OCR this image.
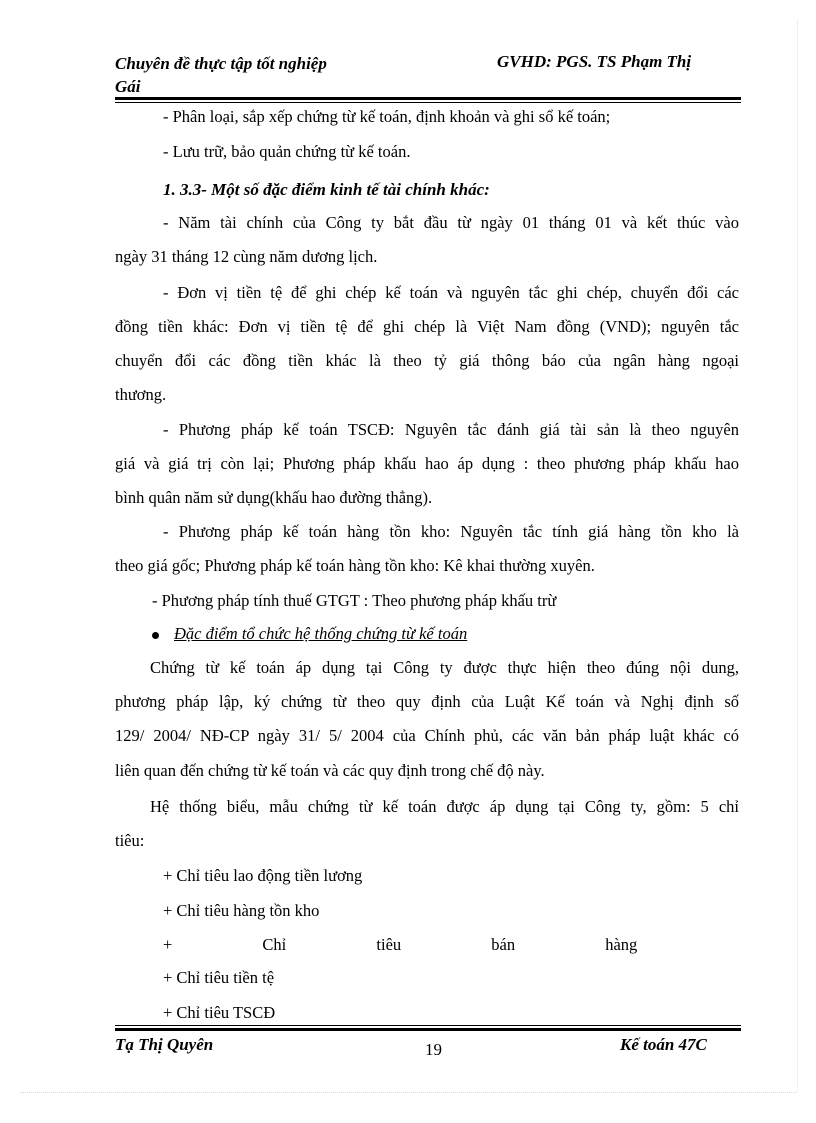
Chuyên đề thực tập tốt nghiệp
Gái
GVHD: PGS. TS Phạm Thị
- Phân loại, sắp xếp chứng từ kế toán, định khoản và ghi sổ kế toán;
- Lưu trữ, bảo quản chứng từ kế toán.
1. 3.3- Một số đặc điểm kinh tế tài chính khác:
- Năm tài chính của Công ty bắt đầu từ ngày 01 tháng 01 và kết thúc vào
ngày 31 tháng 12 cùng năm dương lịch.
- Đơn vị tiền tệ để ghi chép kế toán và nguyên tắc ghi chép, chuyển đổi các
đồng tiền khác: Đơn vị tiền tệ để ghi chép là Việt Nam đồng (VND); nguyên tắc
chuyển đổi các đồng tiền khác là theo tỷ giá thông báo của ngân hàng ngoại
thương.
- Phương pháp kế toán TSCĐ: Nguyên tắc đánh giá tài sản là theo nguyên
giá và giá trị còn lại; Phương pháp khấu hao áp dụng : theo phương pháp khấu hao
bình quân năm sử dụng(khấu hao đường thẳng).
- Phương pháp kế toán hàng tồn kho: Nguyên tắc tính giá hàng tồn kho là
theo giá gốc; Phương pháp kế toán hàng tồn kho: Kê khai thường xuyên.
- Phương pháp tính thuế GTGT : Theo phương pháp khấu trừ
Đặc điểm tổ chức hệ thống chứng từ kế toán
Chứng từ kế toán áp dụng tại Công ty được thực hiện theo đúng nội dung,
phương pháp lập, ký chứng từ theo quy định của Luật Kế toán và Nghị định số
129/ 2004/ NĐ-CP ngày 31/ 5/ 2004 của Chính phủ, các văn bản pháp luật khác có
liên quan đến chứng từ kế toán và các quy định trong chế độ này.
Hệ thống biểu, mẫu chứng từ kế toán được áp dụng tại Công ty, gồm: 5 chỉ
tiêu:
+ Chỉ tiêu lao động tiền lương
+ Chỉ tiêu hàng tồn kho
+ Chỉ tiêu bán hàng
+ Chỉ tiêu tiền tệ
+ Chỉ tiêu TSCĐ
Tạ Thị Quyên	19	Kế toán 47C
